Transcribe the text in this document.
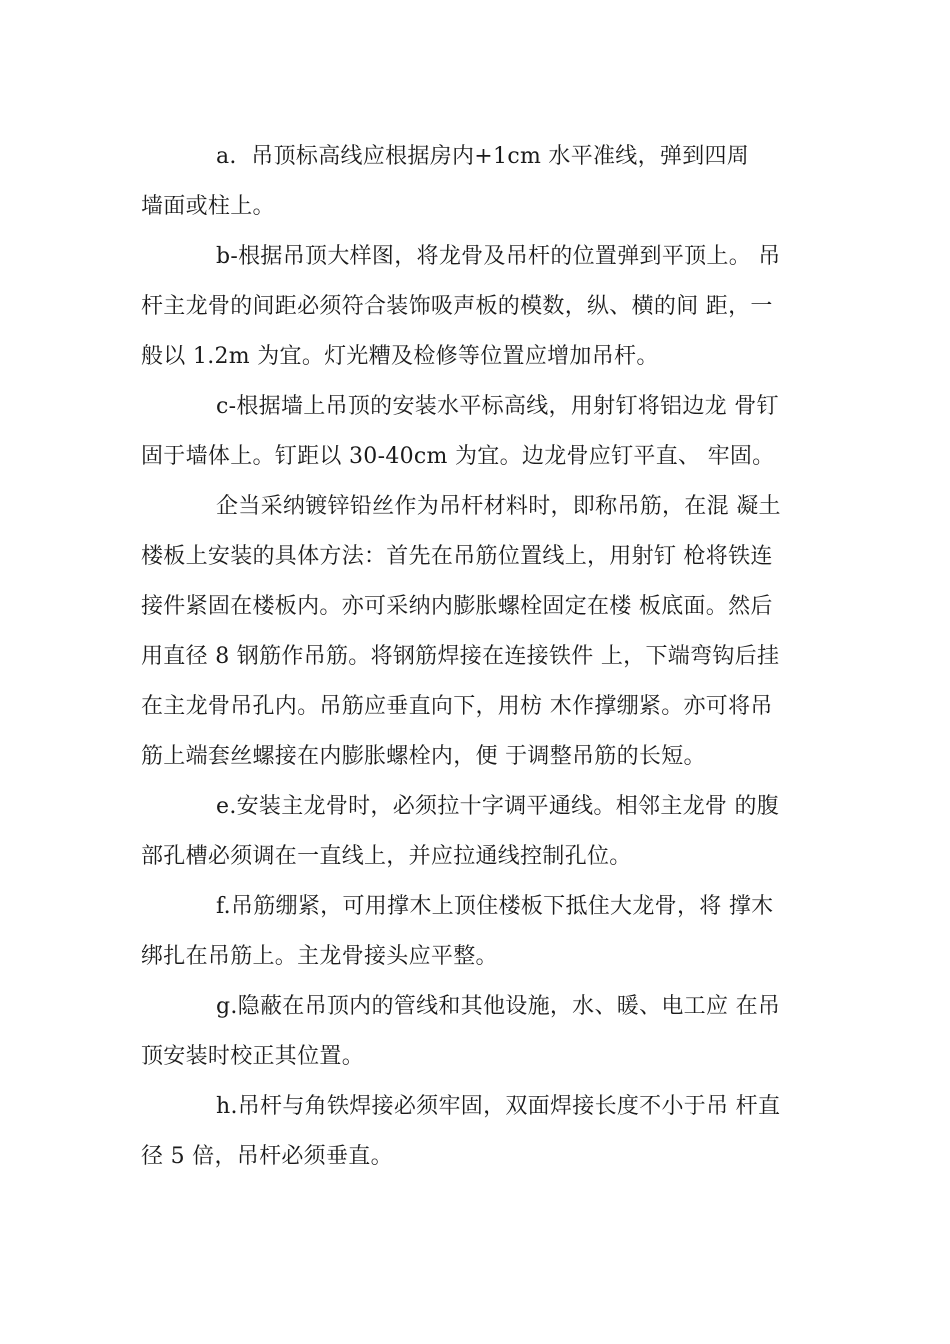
a.  吊顶标高线应根据房内+1cm 水平准线，弹到四周
墙面或柱上。
b-根据吊顶大样图，将龙骨及吊杆的位置弹到平顶上。 吊
杆主龙骨的间距必须符合装饰吸声板的模数，纵、横的间 距，一
般以 1.2m 为宜。灯光糟及检修等位置应增加吊杆。
c-根据墙上吊顶的安装水平标高线，用射钉将铝边龙 骨钉
固于墙体上。钉距以 30-40cm 为宜。边龙骨应钉平直、 牢固。
企当采纳镀锌铅丝作为吊杆材料时，即称吊筋，在混 凝土
楼板上安装的具体方法：首先在吊筋位置线上，用射钉 枪将铁连
接件紧固在楼板内。亦可采纳内膨胀螺栓固定在楼 板底面。然后
用直径 8 钢筋作吊筋。将钢筋焊接在连接铁件 上，下端弯钩后挂
在主龙骨吊孔内。吊筋应垂直向下，用枋 木作撑绷紧。亦可将吊
筋上端套丝螺接在内膨胀螺栓内，便 于调整吊筋的长短。
e.安装主龙骨时，必须拉十字调平通线。相邻主龙骨 的腹
部孔槽必须调在一直线上，并应拉通线控制孔位。
f.吊筋绷紧，可用撑木上顶住楼板下抵住大龙骨，将 撑木
绑扎在吊筋上。主龙骨接头应平整。
g.隐蔽在吊顶内的管线和其他设施，水、暖、电工应 在吊
顶安装时校正其位置。
h.吊杆与角铁焊接必须牢固，双面焊接长度不小于吊 杆直
径 5 倍，吊杆必须垂直。
